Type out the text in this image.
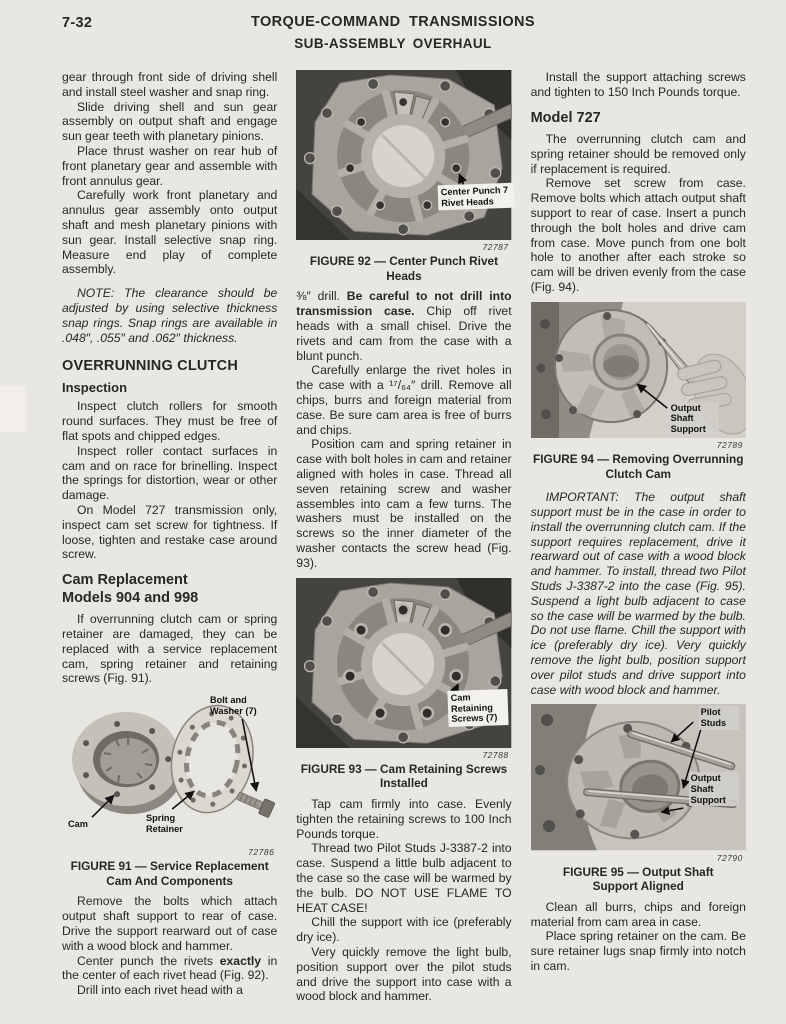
7-32	TORQUE-COMMAND TRANSMISSIONS
SUB-ASSEMBLY OVERHAUL

gear through front side of driving shell and install steel washer and snap ring.

Slide driving shell and sun gear assembly on output shaft and engage sun gear teeth with planetary pinions.

Place thrust washer on rear hub of front planetary gear and assemble with front annulus gear.

Carefully work front planetary and annulus gear assembly onto output shaft and mesh planetary pinions with sun gear. Install selective snap ring. Measure end play of complete assembly.

NOTE: The clearance should be adjusted by using selective thickness snap rings. Snap rings are available in .048″, .055″ and .062″ thickness.

OVERRUNNING CLUTCH
Inspection

Inspect clutch rollers for smooth round surfaces. They must be free of flat spots and chipped edges.

Inspect roller contact surfaces in cam and on race for brinelling. Inspect the springs for distortion, wear or other damage.

On Model 727 transmission only, inspect cam set screw for tightness. If loose, tighten and restake case around screw.

Cam Replacement
Models 904 and 998

If overrunning clutch cam or spring retainer are damaged, they can be replaced with a service replacement cam, spring retainer and retaining screws (Fig. 91).

Cam
Spring Retainer
Bolt and Washer (7)
72786
FIGURE 91 — Service Replacement
Cam And Components

Remove the bolts which attach output shaft support to rear of case. Drive the support rearward out of case with a wood block and hammer.

Center punch the rivets exactly in the center of each rivet head (Fig. 92).

Drill into each rivet head with a

Center Punch 7 Rivet Heads
72787
FIGURE 92 — Center Punch Rivet
Heads

⅜″ drill. Be careful to not drill into transmission case. Chip off rivet heads with a small chisel. Drive the rivets and cam from the case with a blunt punch.

Carefully enlarge the rivet holes in the case with a ¹⁷/₆₄″ drill. Remove all chips, burrs and foreign material from case. Be sure cam area is free of burrs and chips.

Position cam and spring retainer in case with bolt holes in cam and retainer aligned with holes in case. Thread all seven retaining screw and washer assembles into cam a few turns. The washers must be installed on the screws so the inner diameter of the washer contacts the screw head (Fig. 93).

Cam Retaining Screws (7)
72788
FIGURE 93 — Cam Retaining Screws
Installed

Tap cam firmly into case. Evenly tighten the retaining screws to 100 Inch Pounds torque.

Thread two Pilot Studs J-3387-2 into case. Suspend a little bulb adjacent to the case so the case will be warmed by the bulb. DO NOT USE FLAME TO HEAT CASE!

Chill the support with ice (preferably dry ice).

Very quickly remove the light bulb, position support over the pilot studs and drive the support into case with a wood block and hammer.

Install the support attaching screws and tighten to 150 Inch Pounds torque.

Model 727

The overrunning clutch cam and spring retainer should be removed only if replacement is required.

Remove set screw from case. Remove bolts which attach output shaft support to rear of case. Insert a punch through the bolt holes and drive cam from case. Move punch from one bolt hole to another after each stroke so cam will be driven evenly from the case (Fig. 94).

Output Shaft Support
72789
FIGURE 94 — Removing Overrunning
Clutch Cam

IMPORTANT: The output shaft support must be in the case in order to install the overrunning clutch cam. If the support requires replacement, drive it rearward out of case with a wood block and hammer. To install, thread two Pilot Studs J-3387-2 into the case (Fig. 95). Suspend a light bulb adjacent to case so the case will be warmed by the bulb. Do not use flame. Chill the support with ice (preferably dry ice). Very quickly remove the light bulb, position support over pilot studs and drive support into case with wood block and hammer.

Pilot Studs
Output Shaft Support
72790
FIGURE 95 — Output Shaft
Support Aligned

Clean all burrs, chips and foreign material from cam area in case.

Place spring retainer on the cam. Be sure retainer lugs snap firmly into notch in cam.
